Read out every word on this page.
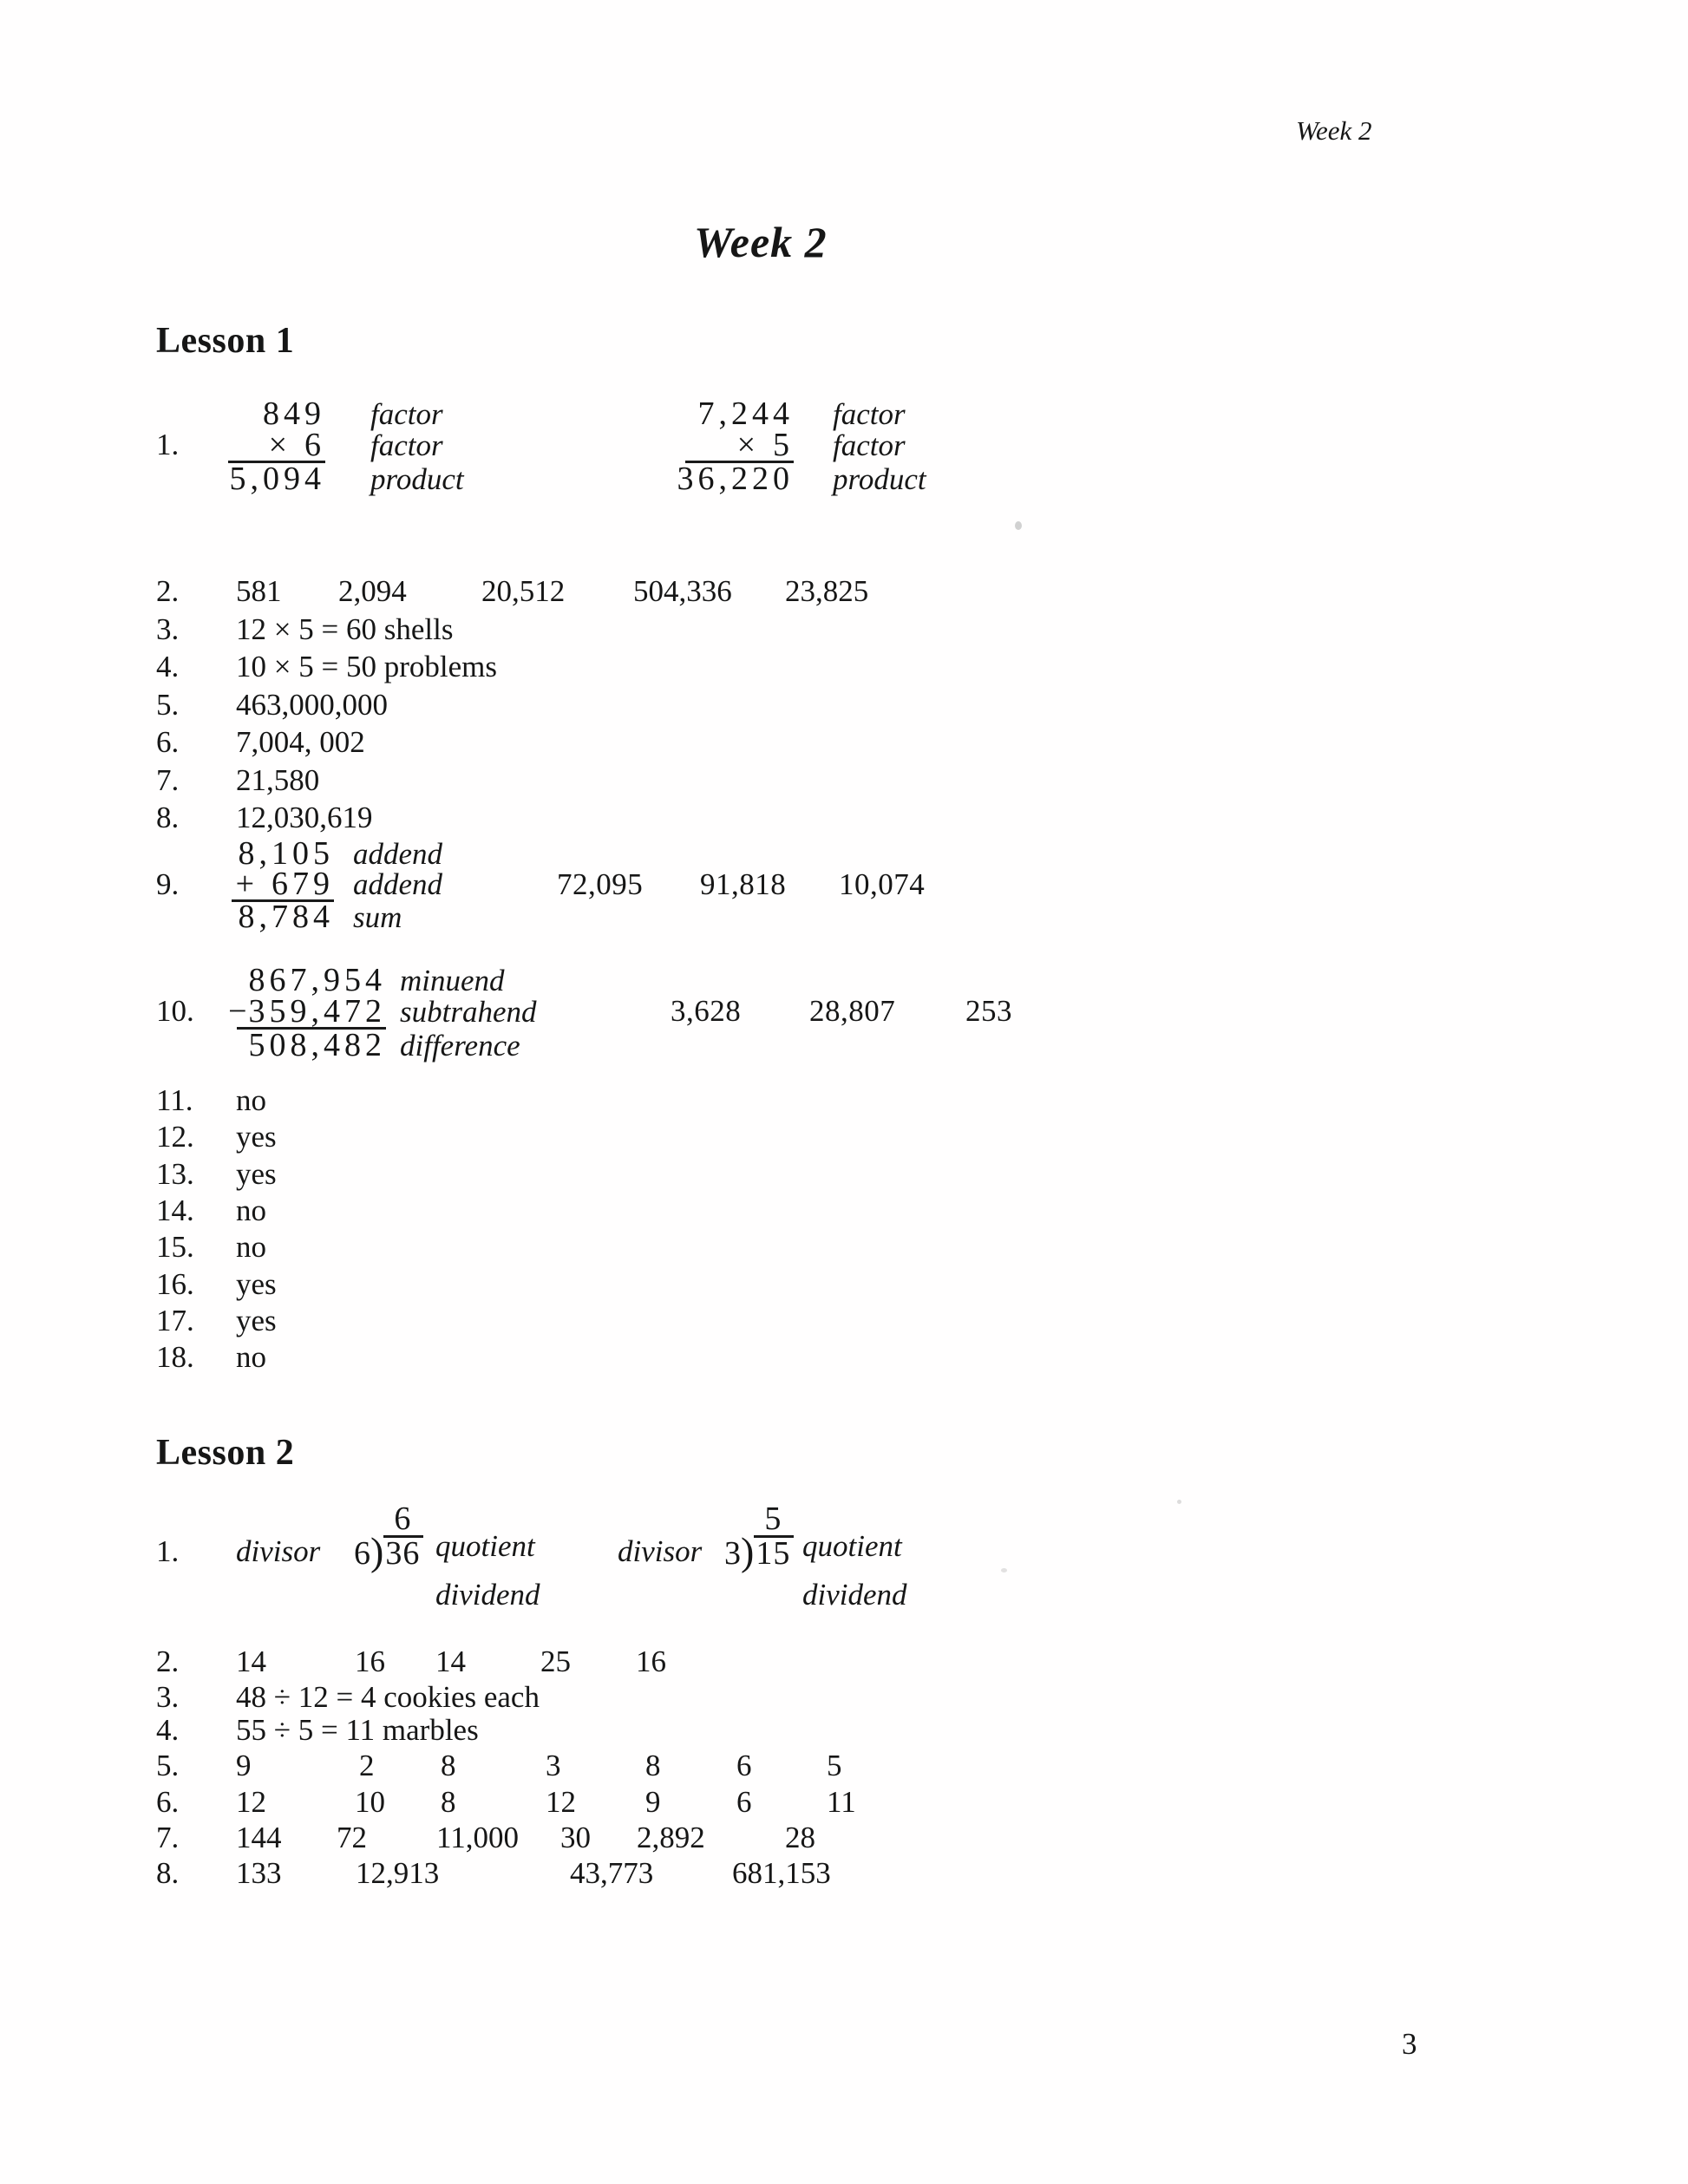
Week 2
Week 2
Lesson 1
1.
849 factor
× 6 factor
5,094 product
7,244 factor
× 5 factor
36,220 product
2.	581	2,094	20,512	504,336	23,825
3.	12 × 5 = 60 shells
4.	10 × 5 = 50 problems
5.	463,000,000
6.	7,004, 002
7.	21,580
8.	12,030,619
9.
8,105 addend
+ 679 addend	72,095 91,818 10,074
8,784 sum
10.
867,954 minuend
− 359,472 subtrahend	3,628 28,807 253
508,482 difference
11.	no
12.	yes
13.	yes
14.	no
15.	no
16.	yes
17.	yes
18.	no
Lesson 2
1. divisor
6
6 ) 36 quotient
dividend
divisor
5
3 ) 15 quotient
dividend
2.	14	16	14	25	16
3.	48 ÷ 12 = 4 cookies each
4.	55 ÷ 5 = 11 marbles
5.	9	2	8	3	8	6	5
6.	12	10	8	12	9	6	11
7.	144	72	11,000	30	2,892	28
8.	133	12,913	43,773	681,153
3
